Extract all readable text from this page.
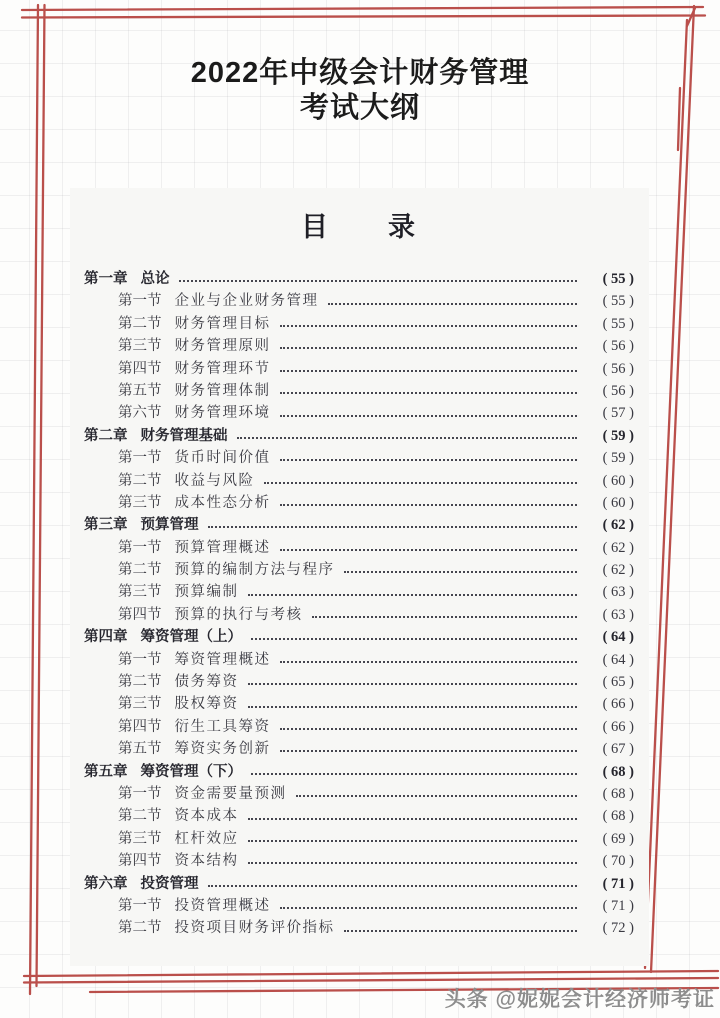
2022年中级会计财务管理
考试大纲
目　　录
第一章 总论	( 55 )
第一节 企业与企业财务管理	( 55 )
第二节 财务管理目标	( 55 )
第三节 财务管理原则	( 56 )
第四节 财务管理环节	( 56 )
第五节 财务管理体制	( 56 )
第六节 财务管理环境	( 57 )
第二章 财务管理基础	( 59 )
第一节 货币时间价值	( 59 )
第二节 收益与风险	( 60 )
第三节 成本性态分析	( 60 )
第三章 预算管理	( 62 )
第一节 预算管理概述	( 62 )
第二节 预算的编制方法与程序	( 62 )
第三节 预算编制	( 63 )
第四节 预算的执行与考核	( 63 )
第四章 筹资管理（上）	( 64 )
第一节 筹资管理概述	( 64 )
第二节 债务筹资	( 65 )
第三节 股权筹资	( 66 )
第四节 衍生工具筹资	( 66 )
第五节 筹资实务创新	( 67 )
第五章 筹资管理（下）	( 68 )
第一节 资金需要量预测	( 68 )
第二节 资本成本	( 68 )
第三节 杠杆效应	( 69 )
第四节 资本结构	( 70 )
第六章 投资管理	( 71 )
第一节 投资管理概述	( 71 )
第二节 投资项目财务评价指标	( 72 )
头条 @妮妮会计经济师考证
